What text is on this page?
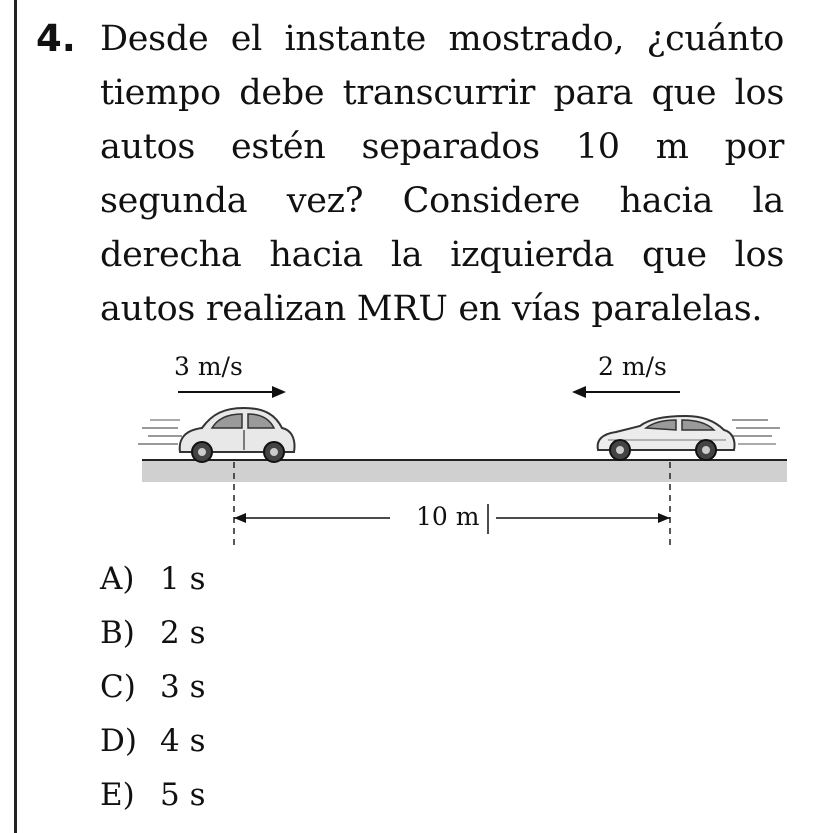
4. Desde el instante mostrado, ¿cuánto tiempo debe transcurrir para que los autos estén separados 10 m por segunda vez? Considere hacia la derecha hacia la izquierda que los autos realizan MRU en vías paralelas.

3 m/s	2 m/s
10 m
A) 1 s
B) 2 s
C) 3 s
D) 4 s
E) 5 s
